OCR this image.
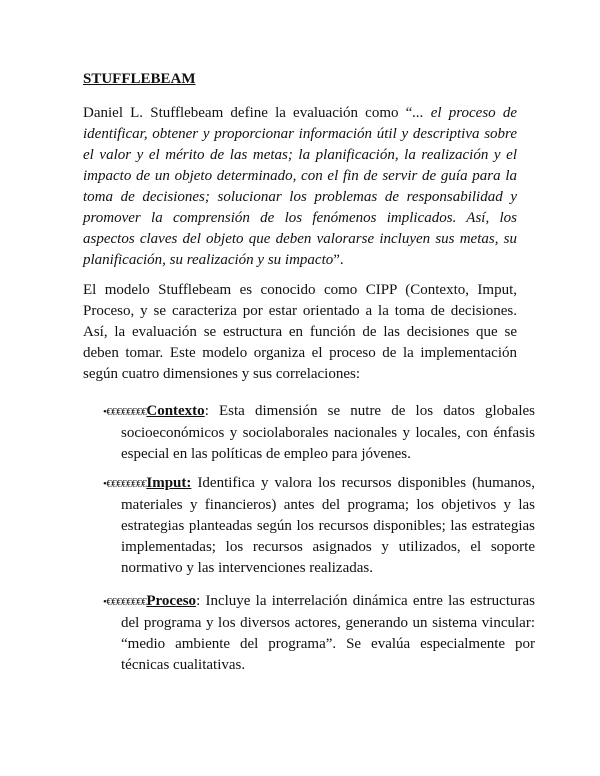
STUFFLEBEAM

Daniel L. Stufflebeam define la evaluación como “... el proceso de identificar, obtener y proporcionar información útil y descriptiva sobre el valor y el mérito de las metas; la planificación, la realización y el impacto de un objeto determinado, con el fin de servir de guía para la toma de decisiones; solucionar los problemas de responsabilidad y promover la comprensión de los fenómenos implicados. Así, los aspectos claves del objeto que deben valorarse incluyen sus metas, su planificación, su realización y su impacto”.

El modelo Stufflebeam es conocido como CIPP (Contexto, Imput, Proceso, y se caracteriza por estar orientado a la toma de decisiones. Así, la evaluación se estructura en función de las decisiones que se deben tomar. Este modelo organiza el proceso de la implementación según cuatro dimensiones y sus correlaciones:

•€€€€€€€€Contexto: Esta dimensión se nutre de los datos globales socioeconómicos y sociolaborales nacionales y locales, con énfasis especial en las políticas de empleo para jóvenes.

•€€€€€€€€Imput: Identifica y valora los recursos disponibles (humanos, materiales y financieros) antes del programa; los objetivos y las estrategias planteadas según los recursos disponibles; las estrategias implementadas; los recursos asignados y utilizados, el soporte normativo y las intervenciones realizadas.

•€€€€€€€€Proceso: Incluye la interrelación dinámica entre las estructuras del programa y los diversos actores, generando un sistema vincular: “medio ambiente del programa”. Se evalúa especialmente por técnicas cualitativas.
